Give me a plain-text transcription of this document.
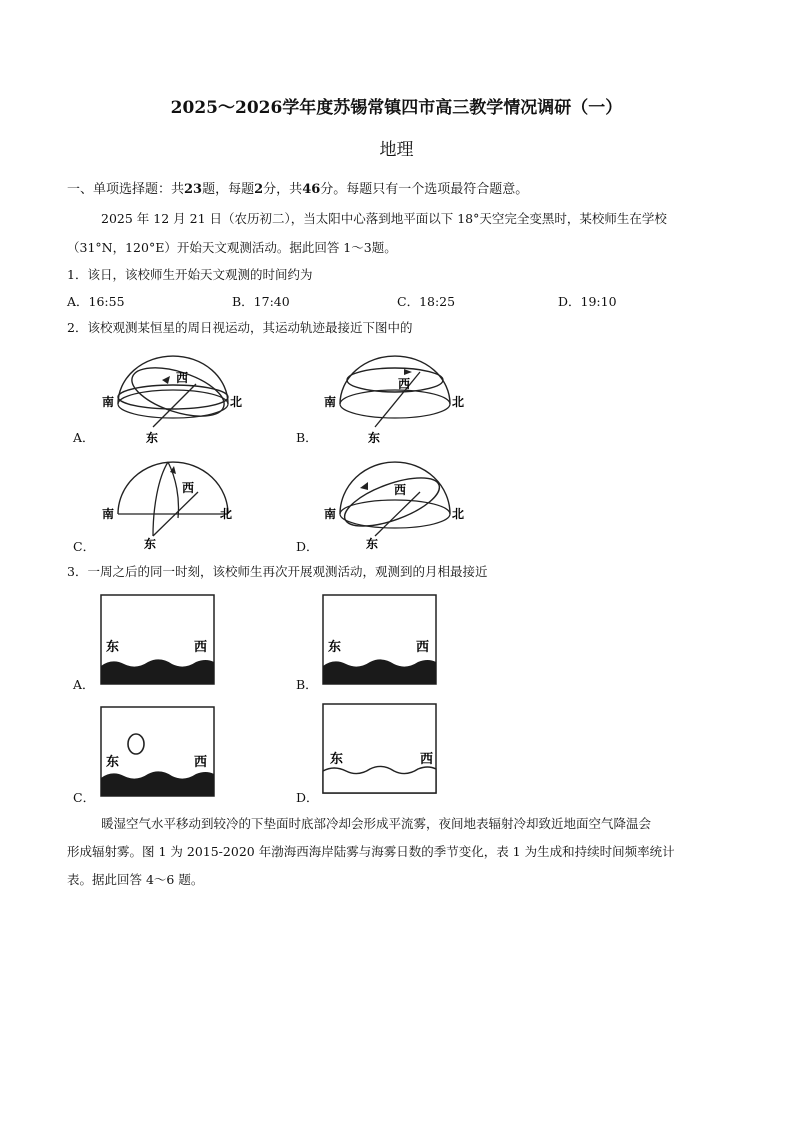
2025～2026学年度苏锡常镇四市高三教学情况调研（一）
地理
一、单项选择题：共23题，每题2分，共46分。每题只有一个选项最符合题意。
2025 年 12 月 21 日（农历初二），当太阳中心落到地平面以下 18°天空完全变黑时，某校师生在学校
（31°N，120°E）开始天文观测活动。据此回答 1～3题。
1．该日，该校师生开始天文观测的时间约为
A．16:55	B．17:40	C．18:25	D．19:10
2．该校观测某恒星的周日视运动，其运动轨迹最接近下图中的
南	北
东
西
A．
南	北
东
西
B．
南	北
东
西
C．
南	北
东
西
D．
3．一周之后的同一时刻，该校师生再次开展观测活动，观测到的月相最接近
东	西
A．
东	西
B．
东	西
C．
东	西
D．
暖湿空气水平移动到较冷的下垫面时底部冷却会形成平流雾，夜间地表辐射冷却致近地面空气降温会
形成辐射雾。图 1 为 2015-2020 年渤海西海岸陆雾与海雾日数的季节变化，表 1 为生成和持续时间频率统计
表。据此回答 4～6 题。
